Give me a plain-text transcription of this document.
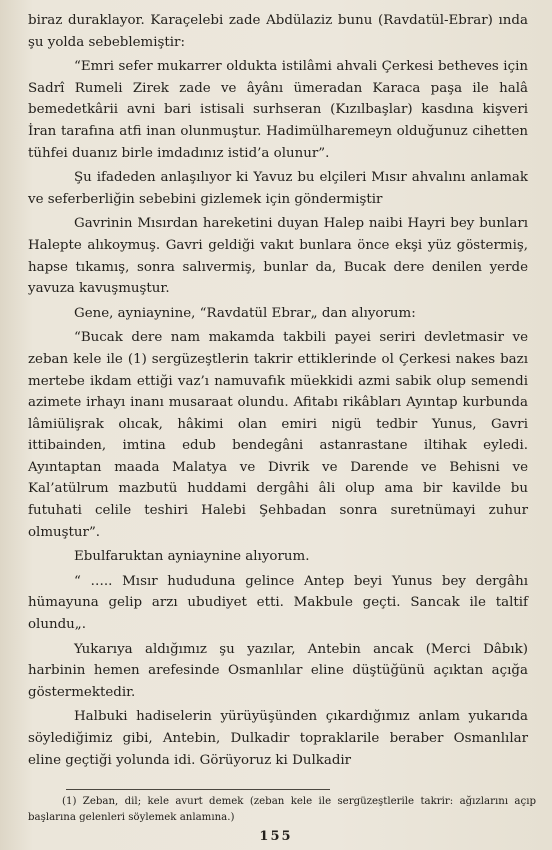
biraz duraklayor. Karaçelebi zade Abdülaziz bunu (Ravdatül-Ebrar) ında şu yolda sebeblemiştir:

“Emri sefer mukarrer oldukta istilâmi ahvali Çerkesi betheves için Sadrî Rumeli Zirek zade ve âyânı ümeradan Karaca paşa ile halâ bemedetkârii avni bari istisali surhseran (Kızılbaşlar) kasdına kişveri İran tarafına atfi inan olunmuştur. Hadimülharemeyn olduğunuz cihetten tühfei duanız birle imdadınız istid’a olunur”.

Şu ifadeden anlaşılıyor ki Yavuz bu elçileri Mısır ahvalını anlamak ve seferberliğin sebebini gizlemek için göndermiştir

Gavrinin Mısırdan hareketini duyan Halep naibi Hayri bey bunları Halepte alıkoymuş. Gavri geldiği vakıt bunlara önce ekşi yüz göstermiş, hapse tıkamış, sonra salıvermiş, bunlar da, Bucak dere denilen yerde yavuza kavuşmuştur.

Gene, ayniaynine, “Ravdatül Ebrar„ dan alıyorum:

“Bucak dere nam makamda takbili payei seriri devletmasir ve zeban kele ile (1) sergüzeştlerin takrir ettiklerinde ol Çerkesi nakes bazı mertebe ikdam ettiği vaz’ı namuvafık müekkidi azmi sabik olup semendi azimete irhayı inanı musaraat olundu. Afitabı rikâbları Ayıntap kurbunda lâmiülişrak olıcak, hâkimi olan emiri nigü tedbir Yunus, Gavri ittibainden, imtina edub bendegâni astanrastane iltihak eyledi. Ayıntaptan maada Malatya ve Divrik ve Darende ve Behisni ve Kal’atülrum mazbutü huddami dergâhi âli olup ama bir kavilde bu futuhati celile teshiri Halebi Şehbadan sonra suretnümayi zuhur olmuştur”.

Ebulfaruktan ayniaynine alıyorum.

“ ….. Mısır hududuna gelince Antep beyi Yunus bey dergâhı hümayuna gelip arzı ubudiyet etti. Makbule geçti. Sancak ile taltif olundu„.

Yukarıya aldığımız şu yazılar, Antebin ancak (Merci Dâbık) harbinin hemen arefesinde Osmanlılar eline düştüğünü açıktan açığa göstermektedir.

Halbuki hadiselerin yürüyüşünden çıkardığımız anlam yukarıda söylediğimiz gibi, Antebin, Dulkadir topraklarile beraber Osmanlılar eline geçtiği yolunda idi. Görüyoruz ki Dulkadir

(1) Zeban, dil; kele avurt demek (zeban kele ile sergüzeştlerile takrir: ağızlarını açıp başlarına gelenleri söylemek anlamına.)
155
